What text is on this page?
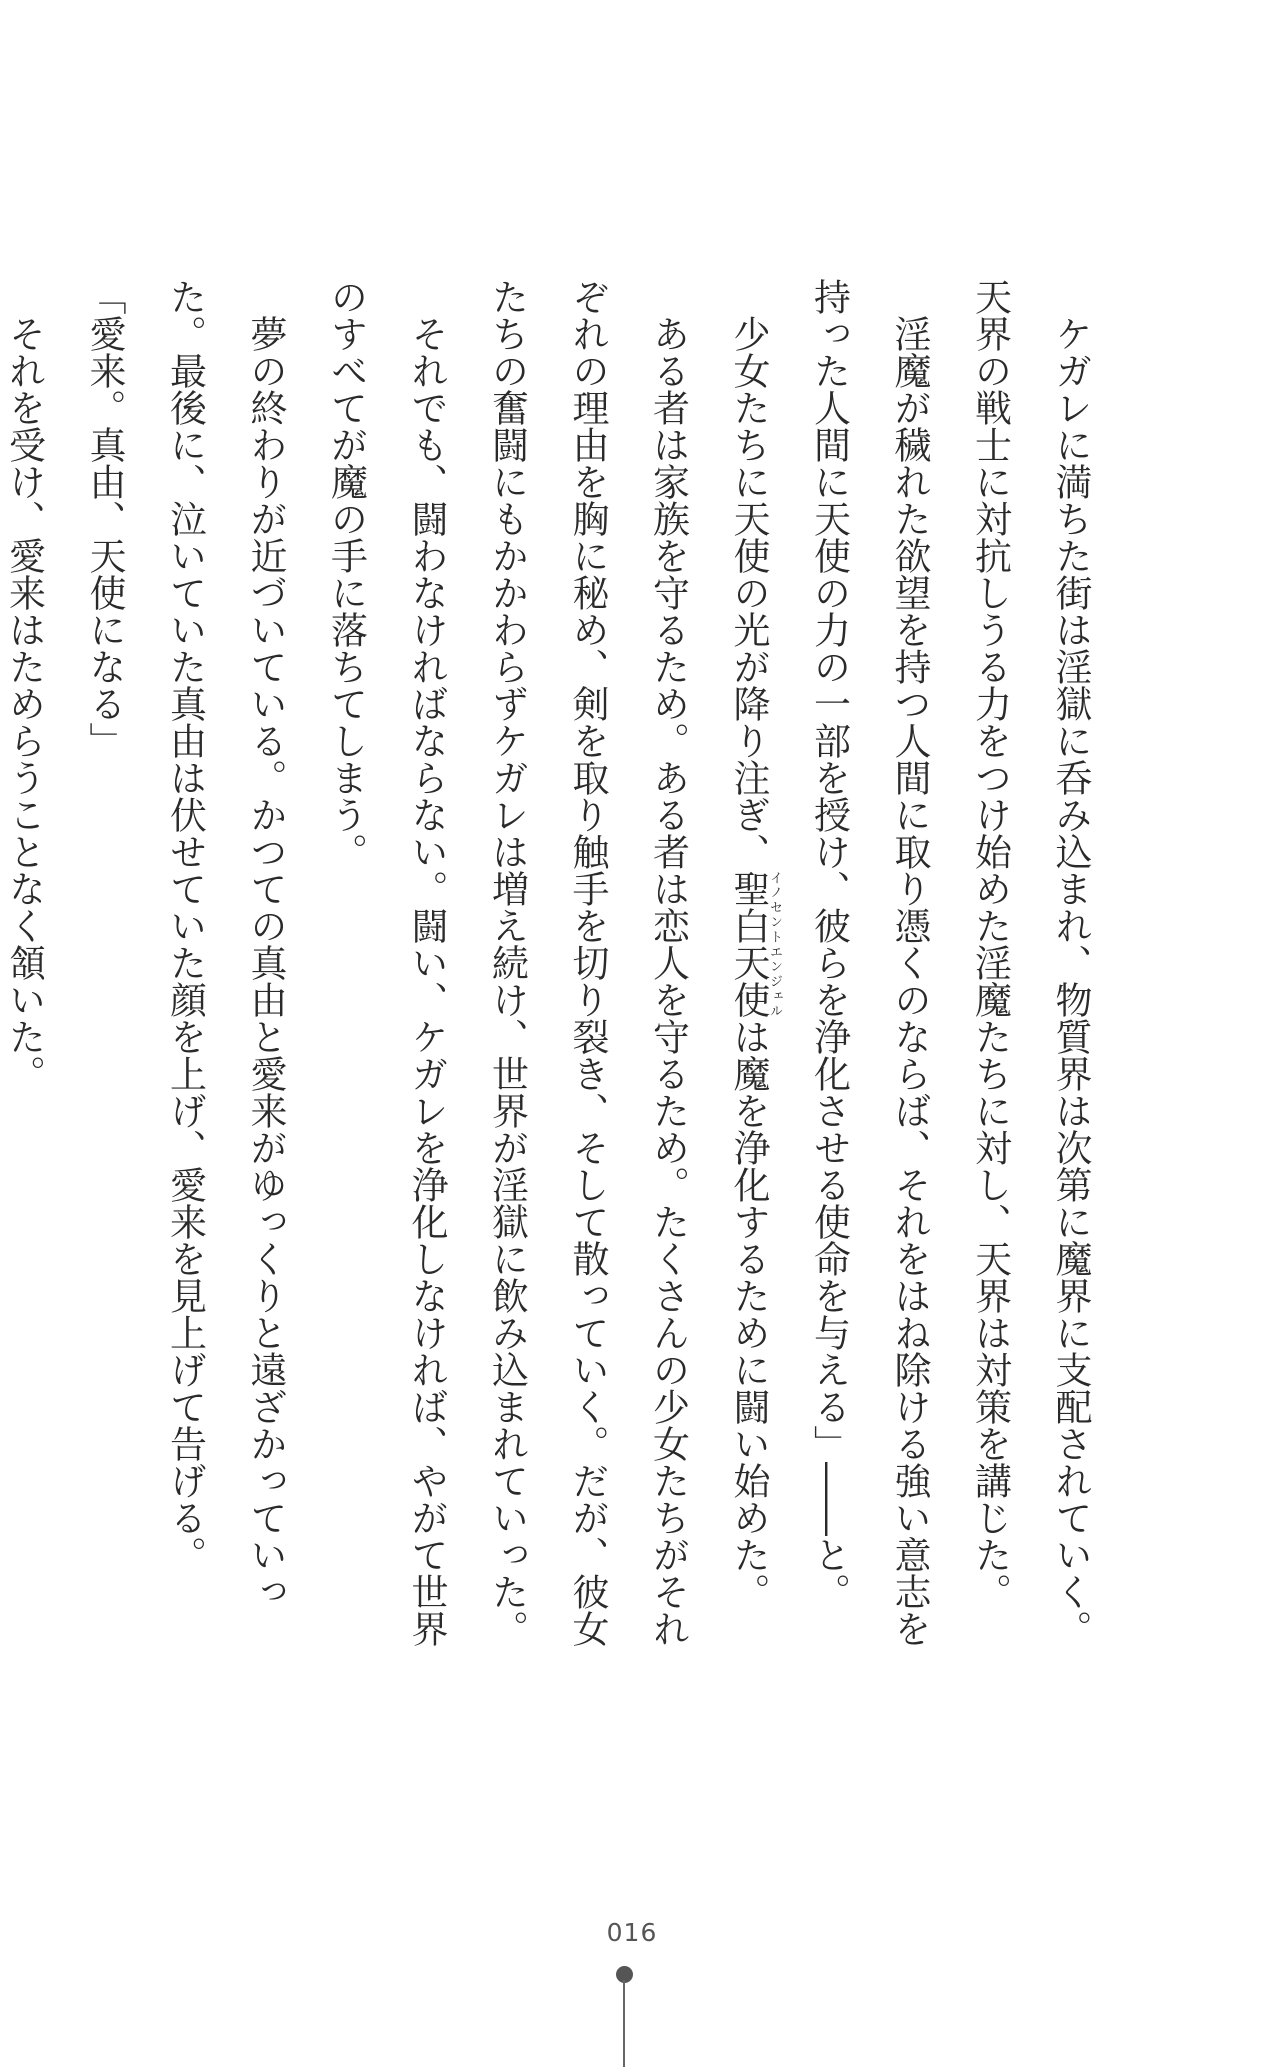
ケガレに満ちた街は淫獄に呑み込まれ、物質界は次第に魔界に支配されていく。天界の戦士に対抗しうる力をつけ始めた淫魔たちに対し、天界は対策を講じた。

淫魔が穢れた欲望を持つ人間に取り憑くのならば、それをはね除ける強い意志を持った人間に天使の力の一部を授け、彼らを浄化させる使命を与える」――と。

少女たちに天使の光が降り注ぎ、聖白天使イノセントエンジェルは魔を浄化するために闘い始めた。

ある者は家族を守るため。ある者は恋人を守るため。たくさんの少女たちがそれぞれの理由を胸に秘め、剣を取り触手を切り裂き、そして散っていく。だが、彼女たちの奮闘にもかかわらずケガレは増え続け、世界が淫獄に飲み込まれていった。

それでも、闘わなければならない。闘い、ケガレを浄化しなければ、やがて世界のすべてが魔の手に落ちてしまう。

夢の終わりが近づいている。かつての真由と愛来がゆっくりと遠ざかっていった。最後に、泣いていた真由は伏せていた顔を上げ、愛来を見上げて告げる。

「愛来。真由、天使になる」

それを受け、愛来はためらうことなく頷いた。

016
